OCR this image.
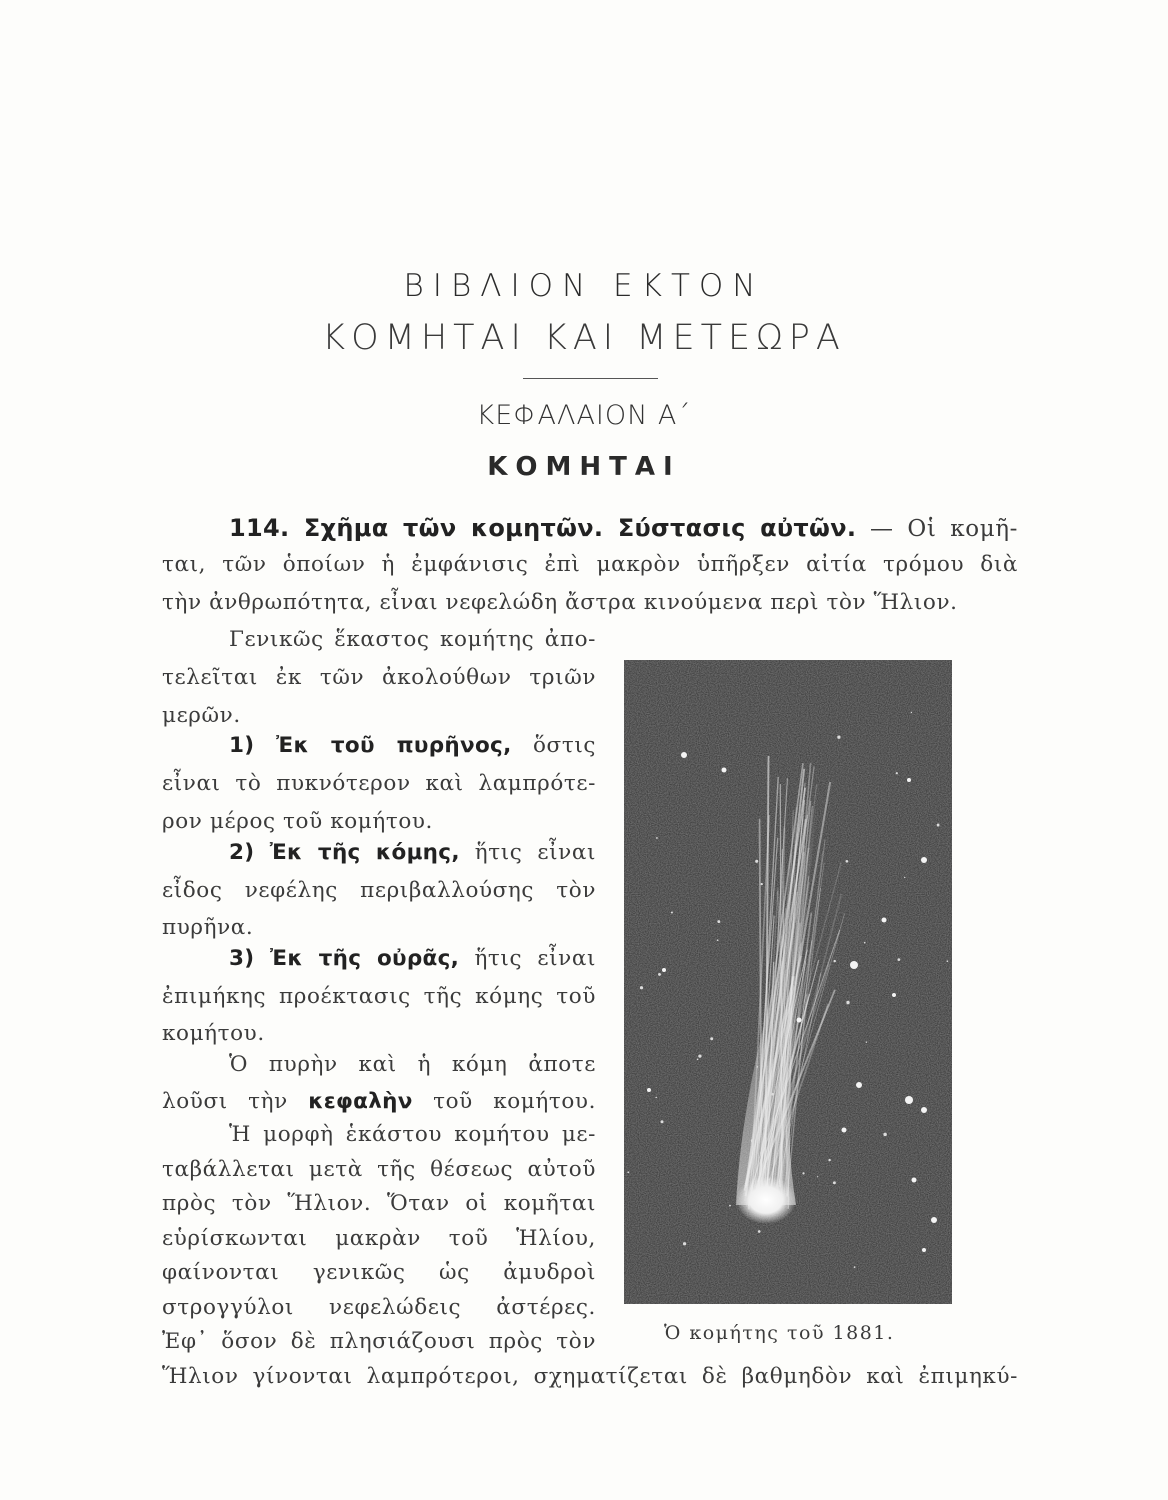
ΒΙΒΛΙΟΝ ΕΚΤΟΝ
ΚΟΜΗΤΑΙ ΚΑΙ ΜΕΤΕΩΡΑ
ΚΕΦΑΛΑΙΟΝ Α΄
ΚΟΜΗΤΑΙ
114. Σχῆμα τῶν κομητῶν. Σύστασις αὐτῶν. — Οἱ κομῆ-
ται, τῶν ὁποίων ἡ ἐμφάνισις ἐπὶ μακρὸν ὑπῆρξεν αἰτία τρόμου διὰ
τὴν ἀνθρωπότητα, εἶναι νεφελώδη ἄστρα κινούμενα περὶ τὸν Ἥλιον.
Γενικῶς ἕκαστος κομήτης ἀπο-
τελεῖται ἐκ τῶν ἀκολούθων τριῶν
μερῶν.
1) Ἐκ τοῦ πυρῆνος, ὅστις
εἶναι τὸ πυκνότερον καὶ λαμπρότε-
ρον μέρος τοῦ κομήτου.
2) Ἐκ τῆς κόμης, ἥτις εἶναι
εἶδος νεφέλης περιβαλλούσης τὸν
πυρῆνα.
3) Ἐκ τῆς οὐρᾶς, ἥτις εἶναι
ἐπιμήκης προέκτασις τῆς κόμης τοῦ
κομήτου.
Ὁ πυρὴν καὶ ἡ κόμη ἀποτε
λοῦσι τὴν κεφαλὴν τοῦ κομήτου.
Ἡ μορφὴ ἑκάστου κομήτου με-
ταβάλλεται μετὰ τῆς θέσεως αὐτοῦ
πρὸς τὸν Ἥλιον. Ὅταν οἱ κομῆται
εὑρίσκωνται μακρὰν τοῦ Ἡλίου,
φαίνονται γενικῶς ὡς ἀμυδροὶ
στρογγύλοι νεφελώδεις ἀστέρες.
Ἐφ᾽ ὅσον δὲ πλησιάζουσι πρὸς τὸν
Ἥλιον γίνονται λαμπρότεροι, σχηματίζεται δὲ βαθμηδὸν καὶ ἐπιμηκύ-
Ὁ κομήτης τοῦ 1881.
